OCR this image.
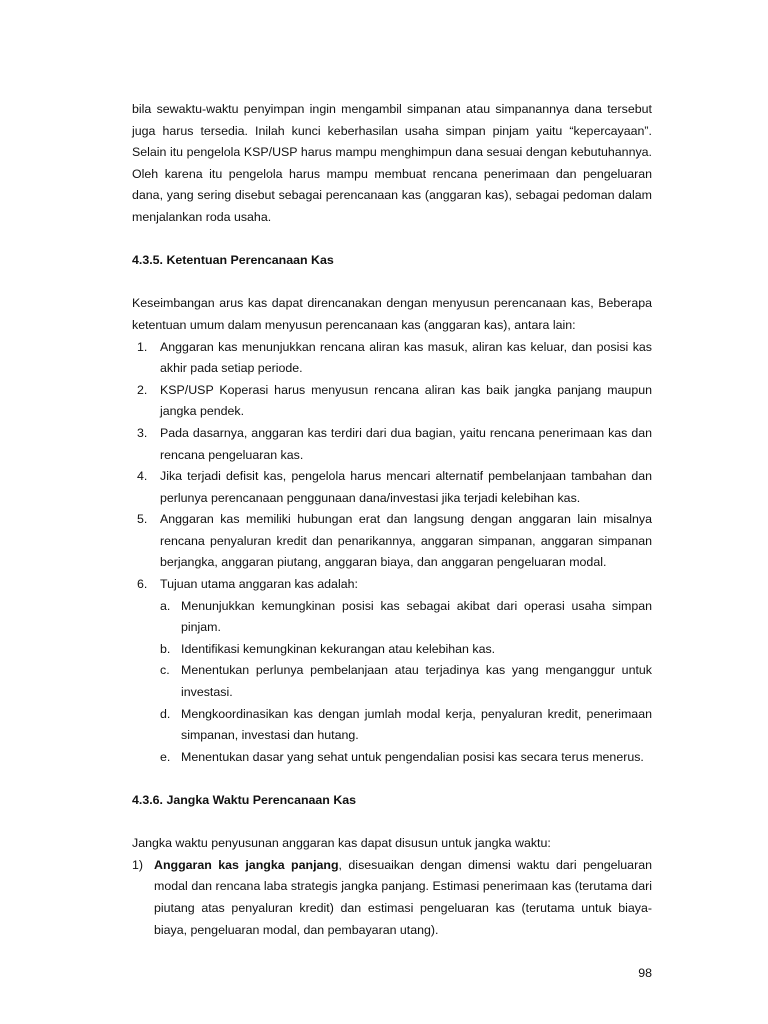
bila sewaktu-waktu penyimpan ingin mengambil simpanan atau simpanannya dana tersebut juga harus tersedia. Inilah kunci keberhasilan usaha simpan pinjam yaitu “kepercayaan”. Selain itu pengelola KSP/USP harus mampu menghimpun dana sesuai dengan kebutuhannya. Oleh karena itu pengelola harus mampu membuat rencana penerimaan dan pengeluaran dana, yang sering disebut sebagai perencanaan kas (anggaran kas), sebagai pedoman dalam menjalankan roda usaha.

4.3.5. Ketentuan Perencanaan Kas

Keseimbangan arus kas dapat direncanakan dengan menyusun perencanaan kas, Beberapa ketentuan umum dalam menyusun perencanaan kas (anggaran kas), antara lain:

1. Anggaran kas menunjukkan rencana aliran kas masuk, aliran kas keluar, dan posisi kas akhir pada setiap periode.
2. KSP/USP Koperasi harus menyusun rencana aliran kas baik jangka panjang maupun jangka pendek.
3. Pada dasarnya, anggaran kas terdiri dari dua bagian, yaitu rencana penerimaan kas dan rencana pengeluaran kas.
4. Jika terjadi defisit kas, pengelola harus mencari alternatif pembelanjaan tambahan dan perlunya perencanaan penggunaan dana/investasi jika terjadi kelebihan kas.
5. Anggaran kas memiliki hubungan erat dan langsung dengan anggaran lain misalnya rencana penyaluran kredit dan penarikannya, anggaran simpanan, anggaran simpanan berjangka, anggaran piutang, anggaran biaya, dan anggaran pengeluaran modal.
6. Tujuan utama anggaran kas adalah:
a. Menunjukkan kemungkinan posisi kas sebagai akibat dari operasi usaha simpan pinjam.
b. Identifikasi kemungkinan kekurangan atau kelebihan kas.
c. Menentukan perlunya pembelanjaan atau terjadinya kas yang menganggur untuk investasi.
d. Mengkoordinasikan kas dengan jumlah modal kerja, penyaluran kredit, penerimaan simpanan, investasi dan hutang.
e. Menentukan dasar yang sehat untuk pengendalian posisi kas secara terus menerus.

4.3.6. Jangka Waktu Perencanaan Kas

Jangka waktu penyusunan anggaran kas dapat disusun untuk jangka waktu:

1) Anggaran kas jangka panjang, disesuaikan dengan dimensi waktu dari pengeluaran modal dan rencana laba strategis jangka panjang. Estimasi penerimaan kas (terutama dari piutang atas penyaluran kredit) dan estimasi pengeluaran kas (terutama untuk biaya-biaya, pengeluaran modal, dan pembayaran utang).
98
